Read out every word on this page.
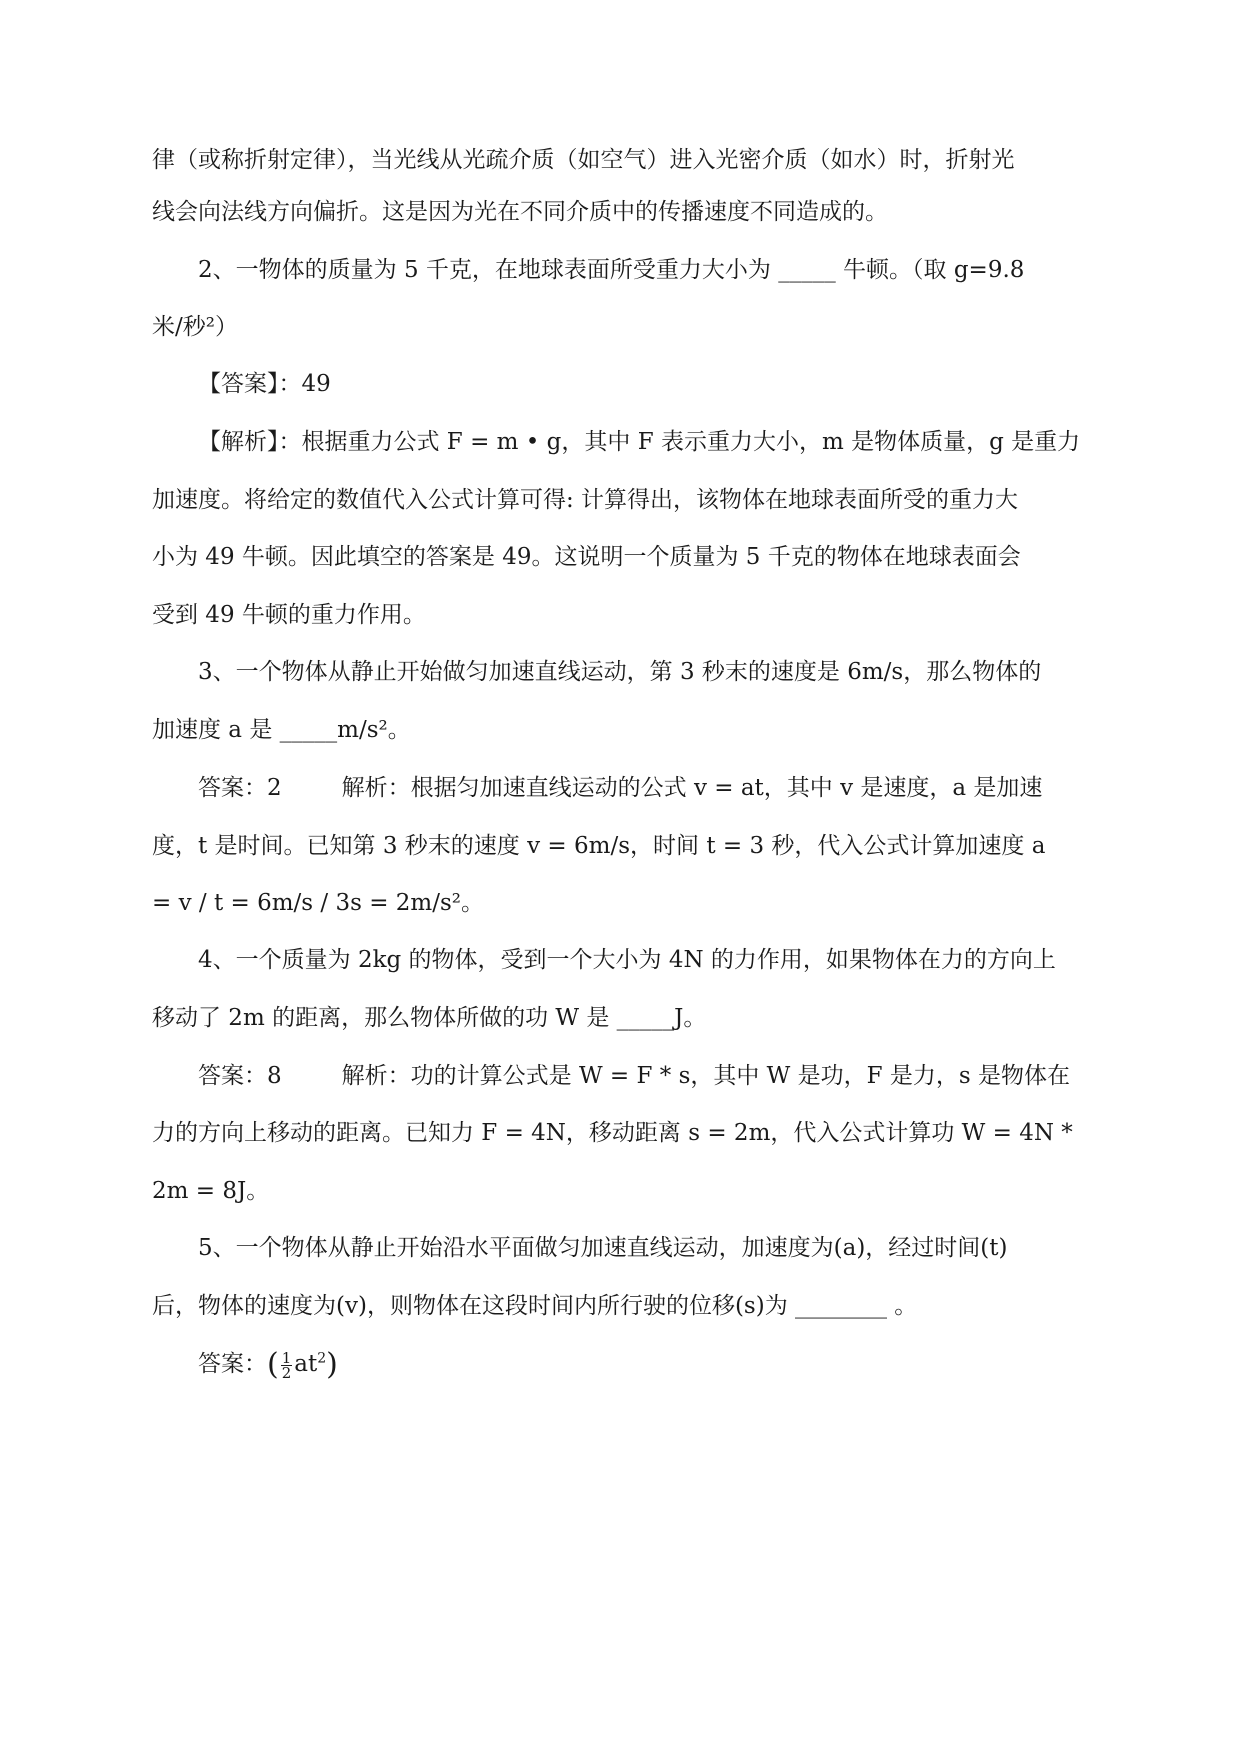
律（或称折射定律），当光线从光疏介质（如空气）进入光密介质（如水）时，折射光
线会向法线方向偏折。这是因为光在不同介质中的传播速度不同造成的。
2、一物体的质量为 5 千克，在地球表面所受重力大小为 _____ 牛顿。（取 g=9.8
米/秒²）
【答案】：49
【解析】：根据重力公式 F = m • g，其中 F 表示重力大小，m 是物体质量，g 是重力
加速度。将给定的数值代入公式计算可得: 计算得出，该物体在地球表面所受的重力大
小为 49 牛顿。因此填空的答案是 49。这说明一个质量为 5 千克的物体在地球表面会
受到 49 牛顿的重力作用。
3、一个物体从静止开始做匀加速直线运动，第 3 秒末的速度是 6m/s，那么物体的
加速度 a 是 _____m/s²。
答案：2	解析：根据匀加速直线运动的公式 v = at，其中 v 是速度，a 是加速
度，t 是时间。已知第 3 秒末的速度 v = 6m/s，时间 t = 3 秒，代入公式计算加速度 a
= v / t = 6m/s / 3s = 2m/s²。
4、一个质量为 2kg 的物体，受到一个大小为 4N 的力作用，如果物体在力的方向上
移动了 2m 的距离，那么物体所做的功 W 是 _____J。
答案：8	解析：功的计算公式是 W = F * s，其中 W 是功，F 是力，s 是物体在
力的方向上移动的距离。已知力 F = 4N，移动距离 s = 2m，代入公式计算功 W = 4N *
2m = 8J。
5、一个物体从静止开始沿水平面做匀加速直线运动，加速度为(a)，经过时间(t)
后，物体的速度为(v)，则物体在这段时间内所行驶的位移(s)为 ________ 。
答案：( $\frac{1}{2} at^2$)
